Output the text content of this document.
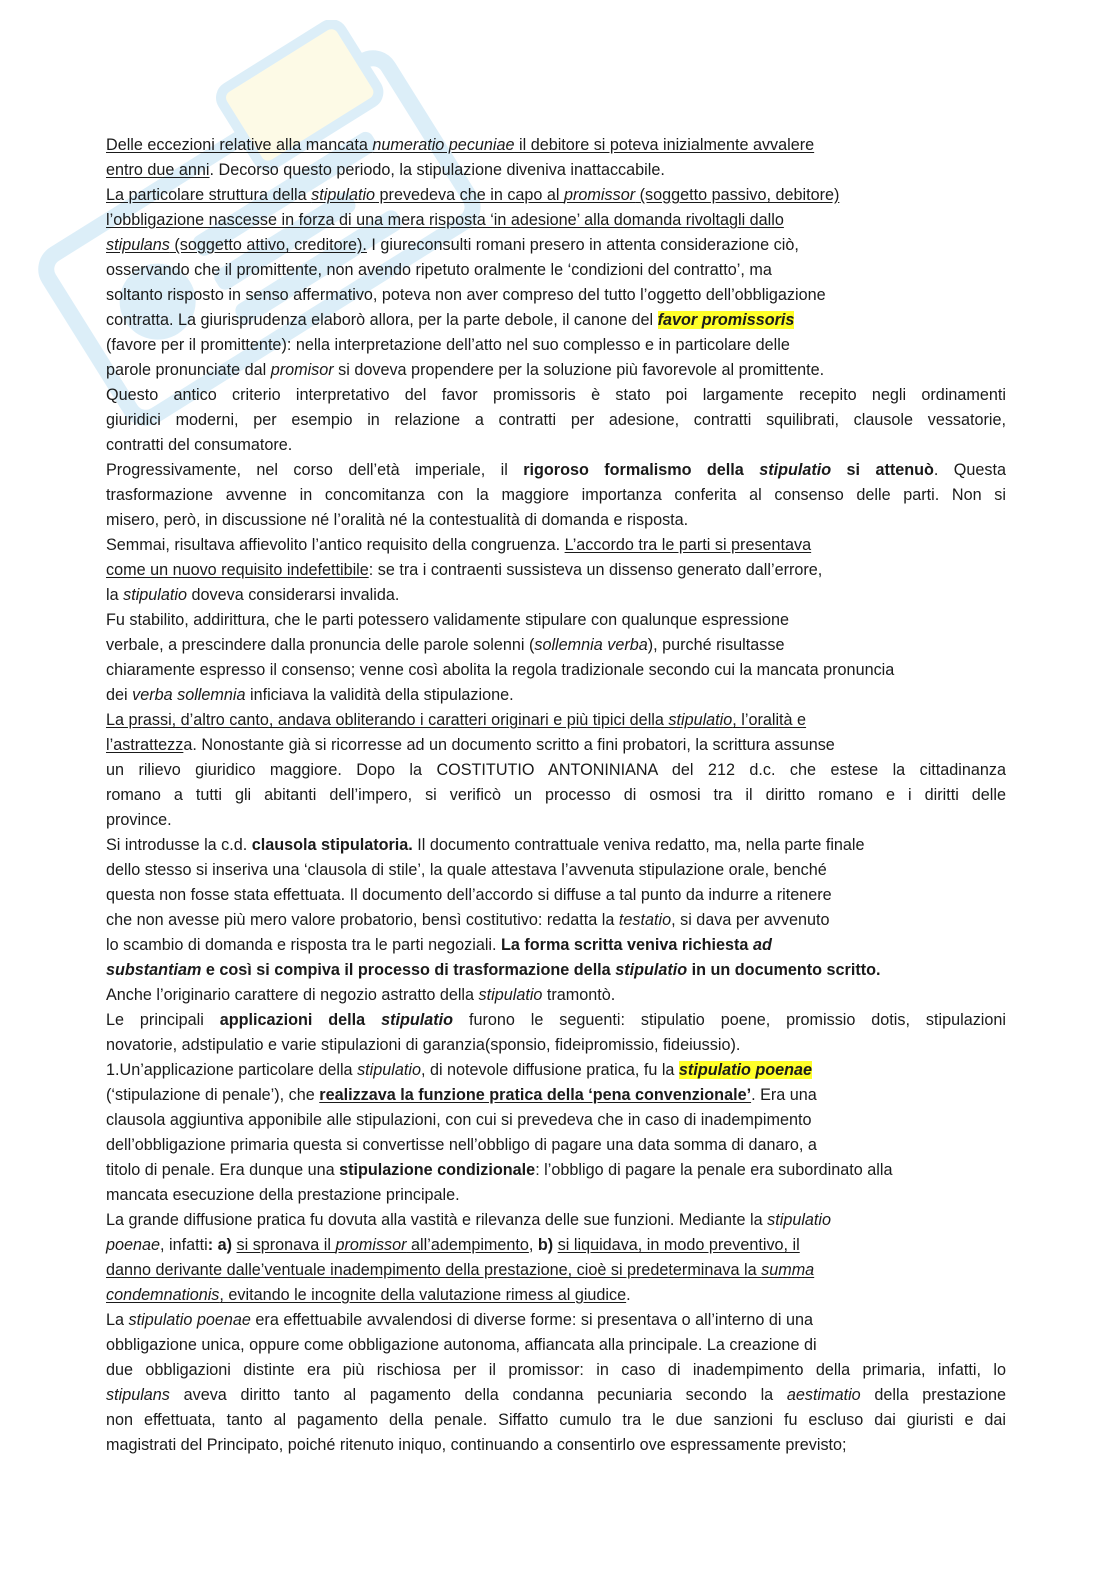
Delle eccezioni relative alla mancata numeratio pecuniae il debitore si poteva inizialmente avvalere
entro due anni. Decorso questo periodo, la stipulazione diveniva inattaccabile.
La particolare struttura della stipulatio prevedeva che in capo al promissor (soggetto passivo, debitore)
l’obbligazione nascesse in forza di una mera risposta ‘in adesione’ alla domanda rivoltagli dallo
stipulans (soggetto attivo, creditore). I giureconsulti romani presero in attenta considerazione ciò,
osservando che il promittente, non avendo ripetuto oralmente le ‘condizioni del contratto’, ma
soltanto risposto in senso affermativo, poteva non aver compreso del tutto l’oggetto dell’obbligazione
contratta. La giurisprudenza elaborò allora, per la parte debole, il canone del favor promissoris
(favore per il promittente): nella interpretazione dell’atto nel suo complesso e in particolare delle
parole pronunciate dal promisor si doveva propendere per la soluzione più favorevole al promittente.
Questo antico criterio interpretativo del favor promissoris è stato poi largamente recepito negli ordinamenti
giuridici moderni, per esempio in relazione a contratti per adesione, contratti squilibrati, clausole vessatorie,
contratti del consumatore.
Progressivamente, nel corso dell’età imperiale, il rigoroso formalismo della stipulatio si attenuò. Questa
trasformazione avvenne in concomitanza con la maggiore importanza conferita al consenso delle parti. Non si
misero, però, in discussione né l’oralità né la contestualità di domanda e risposta.
Semmai, risultava affievolito l’antico requisito della congruenza. L’accordo tra le parti si presentava
come un nuovo requisito indefettibile: se tra i contraenti sussisteva un dissenso generato dall’errore,
la stipulatio doveva considerarsi invalida.
Fu stabilito, addirittura, che le parti potessero validamente stipulare con qualunque espressione
verbale, a prescindere dalla pronuncia delle parole solenni (sollemnia verba), purché risultasse
chiaramente espresso il consenso; venne così abolita la regola tradizionale secondo cui la mancata pronuncia
dei verba sollemnia inficiava la validità della stipulazione.
La prassi, d’altro canto, andava obliterando i caratteri originari e più tipici della stipulatio, l’oralità e
l’astrattezza. Nonostante già si ricorresse ad un documento scritto a fini probatori, la scrittura assunse
un rilievo giuridico maggiore. Dopo la COSTITUTIO ANTONINIANA del 212 d.c. che estese la cittadinanza
romano a tutti gli abitanti dell’impero, si verificò un processo di osmosi tra il diritto romano e i diritti delle
province.
Si introdusse la c.d. clausola stipulatoria. Il documento contrattuale veniva redatto, ma, nella parte finale
dello stesso si inseriva una ‘clausola di stile’, la quale attestava l’avvenuta stipulazione orale, benché
questa non fosse stata effettuata. Il documento dell’accordo si diffuse a tal punto da indurre a ritenere
che non avesse più mero valore probatorio, bensì costitutivo: redatta la testatio, si dava per avvenuto
lo scambio di domanda e risposta tra le parti negoziali. La forma scritta veniva richiesta ad
substantiam e così si compiva il processo di trasformazione della stipulatio in un documento scritto.
Anche l’originario carattere di negozio astratto della stipulatio tramontò.
Le principali applicazioni della stipulatio furono le seguenti: stipulatio poene, promissio dotis, stipulazioni
novatorie, adstipulatio e varie stipulazioni di garanzia(sponsio, fideipromissio, fideiussio).
1.Un’applicazione particolare della stipulatio, di notevole diffusione pratica, fu la stipulatio poenae
(‘stipulazione di penale’), che realizzava la funzione pratica della ‘pena convenzionale’. Era una
clausola aggiuntiva apponibile alle stipulazioni, con cui si prevedeva che in caso di inadempimento
dell’obbligazione primaria questa si convertisse nell’obbligo di pagare una data somma di danaro, a
titolo di penale. Era dunque una stipulazione condizionale: l’obbligo di pagare la penale era subordinato alla
mancata esecuzione della prestazione principale.
La grande diffusione pratica fu dovuta alla vastità e rilevanza delle sue funzioni. Mediante la stipulatio
poenae, infatti: a) si spronava il promissor all’adempimento, b) si liquidava, in modo preventivo, il
danno derivante dalle’ventuale inadempimento della prestazione, cioè si predeterminava la summa
condemnationis, evitando le incognite della valutazione rimess al giudice.
La stipulatio poenae era effettuabile avvalendosi di diverse forme: si presentava o all’interno di una
obbligazione unica, oppure come obbligazione autonoma, affiancata alla principale. La creazione di
due obbligazioni distinte era più rischiosa per il promissor: in caso di inadempimento della primaria, infatti, lo
stipulans aveva diritto tanto al pagamento della condanna pecuniaria secondo la aestimatio della prestazione
non effettuata, tanto al pagamento della penale. Siffatto cumulo tra le due sanzioni fu escluso dai giuristi e dai
magistrati del Principato, poiché ritenuto iniquo, continuando a consentirlo ove espressamente previsto;
